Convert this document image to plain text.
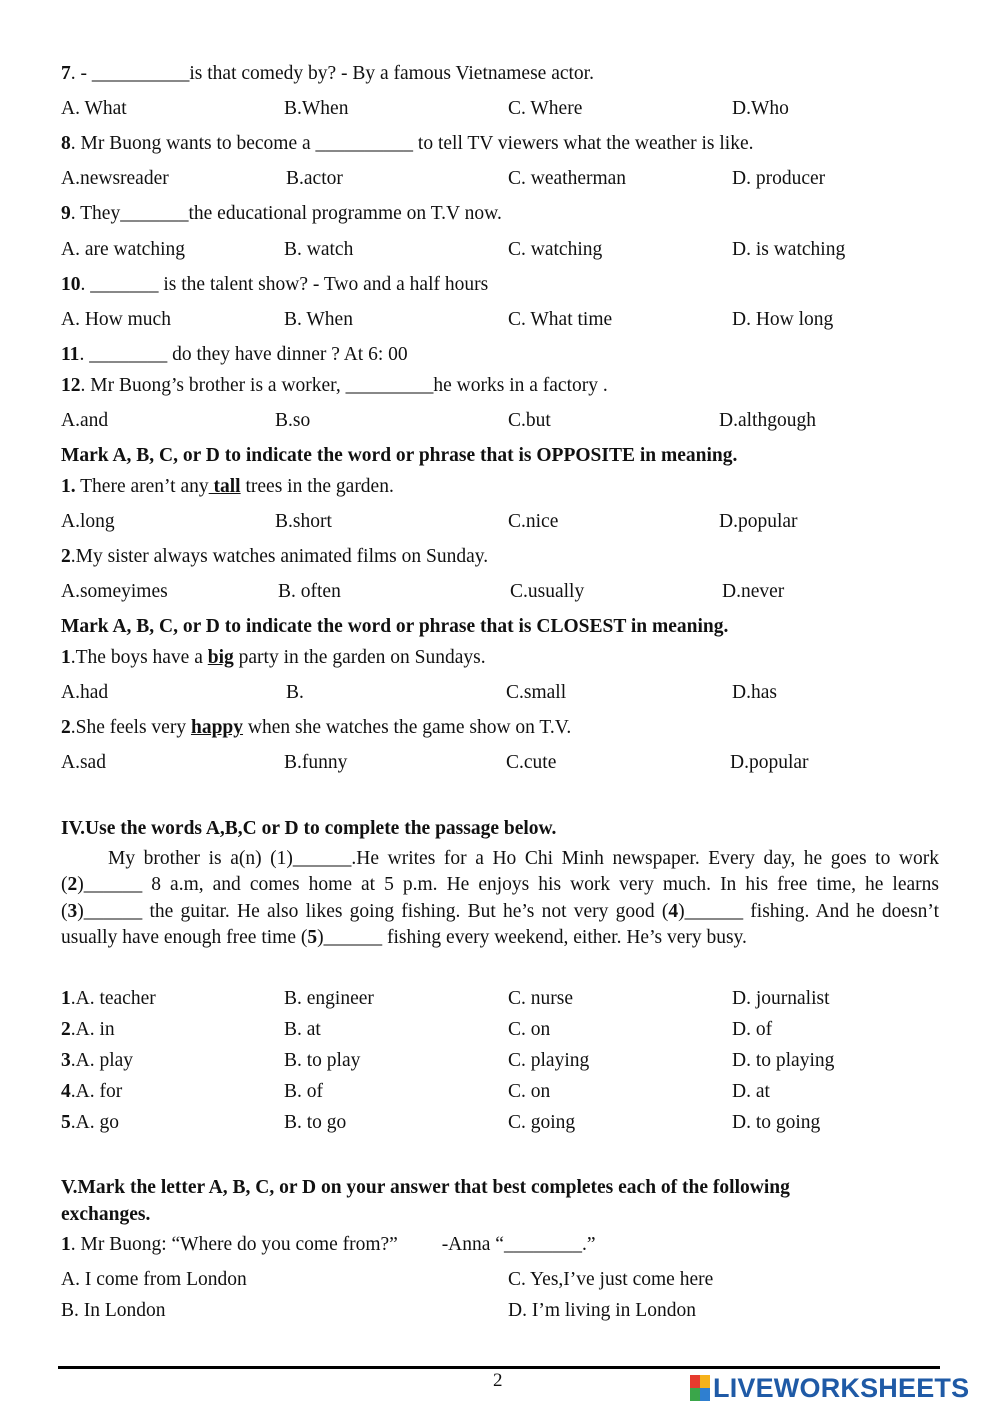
7. - __________is that comedy by? - By a famous Vietnamese actor.
A. What	B.When	C. Where	D.Who
8. Mr Buong wants to become a __________ to tell TV viewers what the weather is like.
A.newsreader	B.actor	C. weatherman	D. producer
9. They_______the educational programme on T.V now.
A. are watching	B. watch	C. watching	D. is watching
10. _______ is the talent show? - Two and a half hours
A. How much	B. When	C. What time	D. How long
11. ________ do they have dinner ? At 6: 00
12. Mr Buong’s brother is a worker, _________he works in a factory .
A.and	B.so	C.but	D.althgough
Mark A, B, C, or D to indicate the word or phrase that is OPPOSITE in meaning.
1. There aren’t any tall trees in the garden.
A.long	B.short	C.nice	D.popular
2.My sister always watches animated films on Sunday.
A.someyimes	B. often	C.usually	D.never
Mark A, B, C, or D to indicate the word or phrase that is CLOSEST in meaning.
1.The boys have a big party in the garden on Sundays.
A.had	B.	C.small	D.has
2.She feels very happy when she watches the game show on T.V.
A.sad	B.funny	C.cute	D.popular
IV.Use the words A,B,C or D to complete the passage below.
My brother is a(n) (1)______.He writes for a Ho Chi Minh newspaper. Every day, he goes to work (2)______ 8 a.m, and comes home at 5 p.m. He enjoys his work very much. In his free time, he learns (3)______ the guitar. He also likes going fishing. But he’s not very good (4)______ fishing. And he doesn’t usually have enough free time (5)______ fishing every weekend, either. He’s very busy.
1.A. teacher	B. engineer	C. nurse	D. journalist
2.A. in	B. at	C. on	D. of
3.A. play	B. to play	C. playing	D. to playing
4.A. for	B. of	C. on	D. at
5.A. go	B. to go	C. going	D. to going
V.Mark the letter A, B, C, or D on your answer that best completes each of the following
exchanges.
1. Mr Buong: “Where do you come from?”         -Anna “________.”
A. I come from London	C. Yes,I’ve just come here
B. In London	D. I’m living in London
2	LIVEWORKSHEETS
